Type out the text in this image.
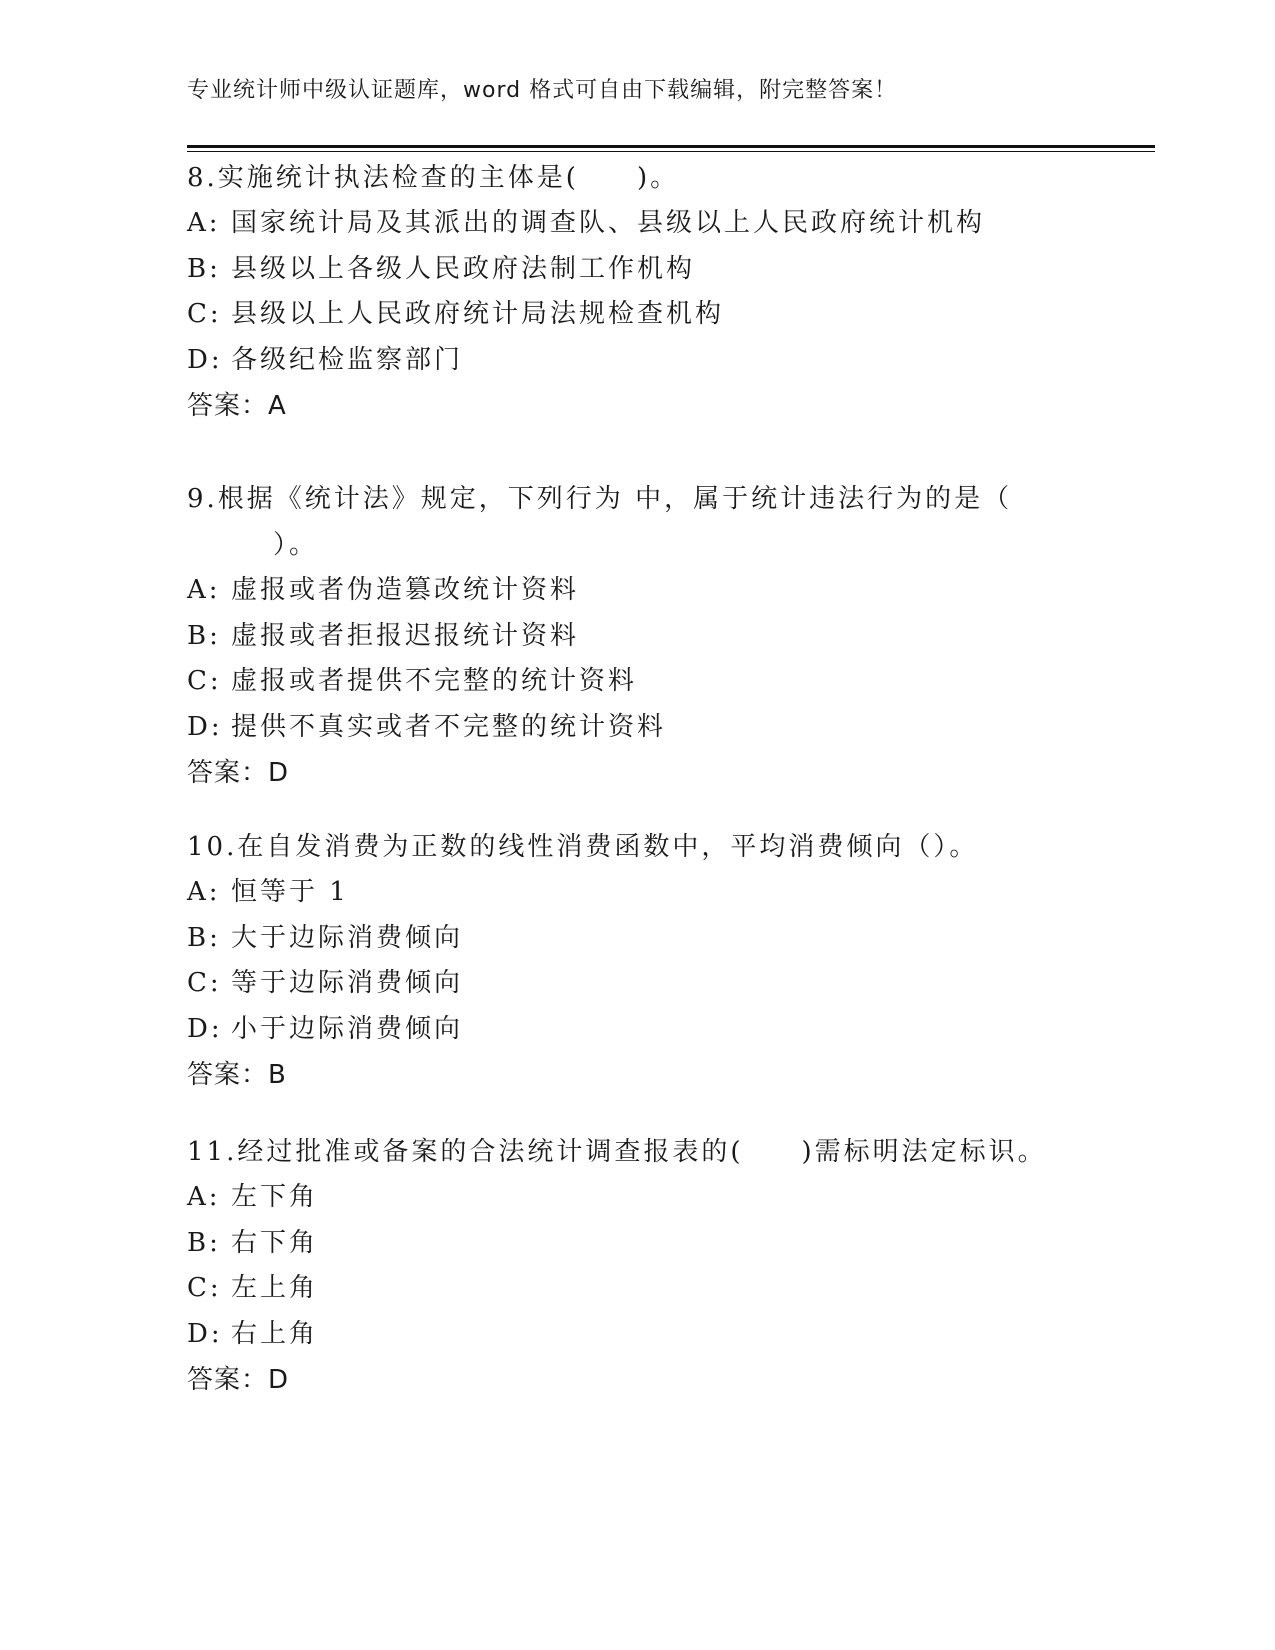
专业统计师中级认证题库，word 格式可自由下载编辑，附完整答案！

8.实施统计执法检查的主体是(　　)。

A: 国家统计局及其派出的调查队、县级以上人民政府统计机构
B: 县级以上各级人民政府法制工作机构
C: 县级以上人民政府统计局法规检查机构
D: 各级纪检监察部门
答案：A

9.根据《统计法》规定，下列行为 中，属于统计违法行为的是（
）。

A: 虚报或者伪造篡改统计资料
B: 虚报或者拒报迟报统计资料
C: 虚报或者提供不完整的统计资料
D: 提供不真实或者不完整的统计资料
答案：D

10.在自发消费为正数的线性消费函数中，平均消费倾向（）。

A: 恒等于 1
B: 大于边际消费倾向
C: 等于边际消费倾向
D: 小于边际消费倾向
答案：B

11.经过批准或备案的合法统计调查报表的(　　)需标明法定标识。

A: 左下角
B: 右下角
C: 左上角
D: 右上角
答案：D
